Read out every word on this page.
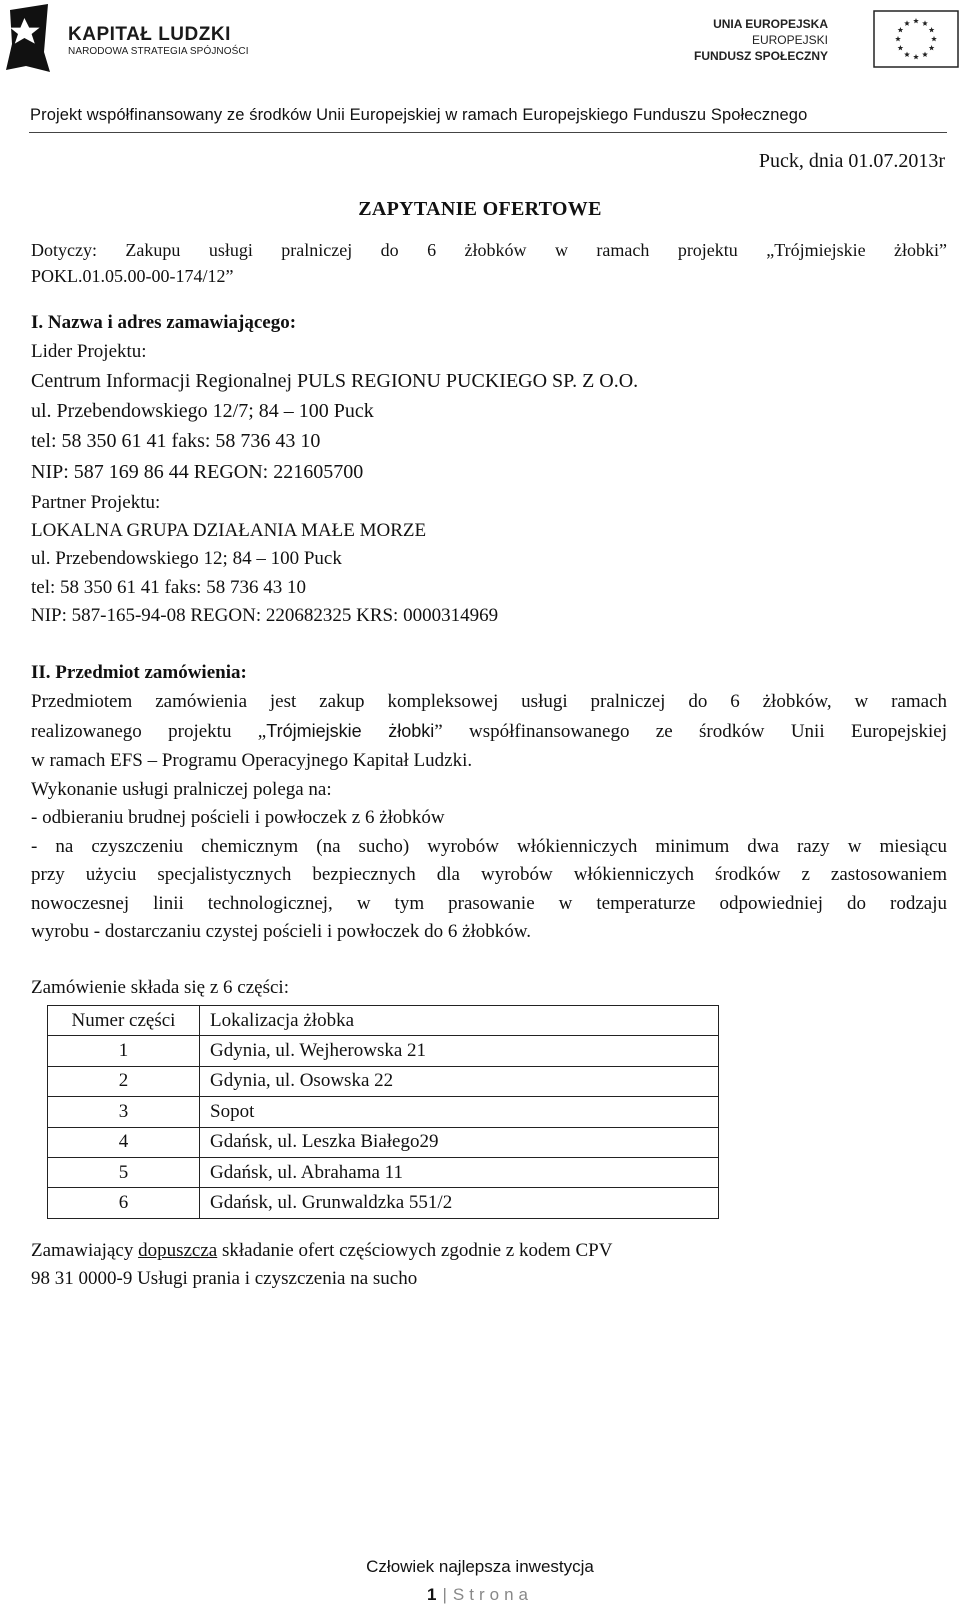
KAPITAŁ LUDZKI
NARODOWA STRATEGIA SPÓJNOŚCI
UNIA EUROPEJSKA
EUROPEJSKI
FUNDUSZ SPOŁECZNY
Projekt współfinansowany ze środków Unii Europejskiej w ramach Europejskiego Funduszu Społecznego
Puck, dnia 01.07.2013r
ZAPYTANIE OFERTOWE
Dotyczy: Zakupu usługi pralniczej do 6 żłobków w ramach projektu „Trójmiejskie żłobki”
POKL.01.05.00-00-174/12”
I. Nazwa i adres zamawiającego:
Lider Projektu:
Centrum Informacji Regionalnej PULS REGIONU PUCKIEGO SP. Z O.O.
ul. Przebendowskiego 12/7; 84 – 100 Puck
tel: 58 350 61 41 faks: 58 736 43 10
NIP: 587 169 86 44 REGON: 221605700
Partner Projektu:
LOKALNA GRUPA DZIAŁANIA MAŁE MORZE
ul. Przebendowskiego 12; 84 – 100 Puck
tel: 58 350 61 41 faks: 58 736 43 10
NIP: 587-165-94-08 REGON: 220682325 KRS: 0000314969
II. Przedmiot zamówienia:
Przedmiotem zamówienia jest zakup kompleksowej usługi pralniczej do 6 żłobków, w ramach
realizowanego projektu „Trójmiejskie żłobki” współfinansowanego ze środków Unii Europejskiej
w ramach EFS – Programu Operacyjnego Kapitał Ludzki.
Wykonanie usługi pralniczej polega na:
- odbieraniu brudnej pościeli i powłoczek z 6 żłobków
- na czyszczeniu chemicznym (na sucho) wyrobów włókienniczych minimum dwa razy w miesiącu
przy użyciu specjalistycznych bezpiecznych dla wyrobów włókienniczych środków z zastosowaniem
nowoczesnej linii technologicznej, w tym prasowanie w temperaturze odpowiedniej do rodzaju
wyrobu - dostarczaniu czystej pościeli i powłoczek do 6 żłobków.
Zamówienie składa się z 6 części:
Numer części	Lokalizacja żłobka
1	Gdynia, ul. Wejherowska 21
2	Gdynia, ul. Osowska 22
3	Sopot
4	Gdańsk, ul. Leszka Białego29
5	Gdańsk, ul. Abrahama 11
6	Gdańsk, ul. Grunwaldzka 551/2
Zamawiający dopuszcza składanie ofert częściowych zgodnie z kodem CPV
98 31 0000-9 Usługi prania i czyszczenia na sucho
Człowiek najlepsza inwestycja
1 | Strona
